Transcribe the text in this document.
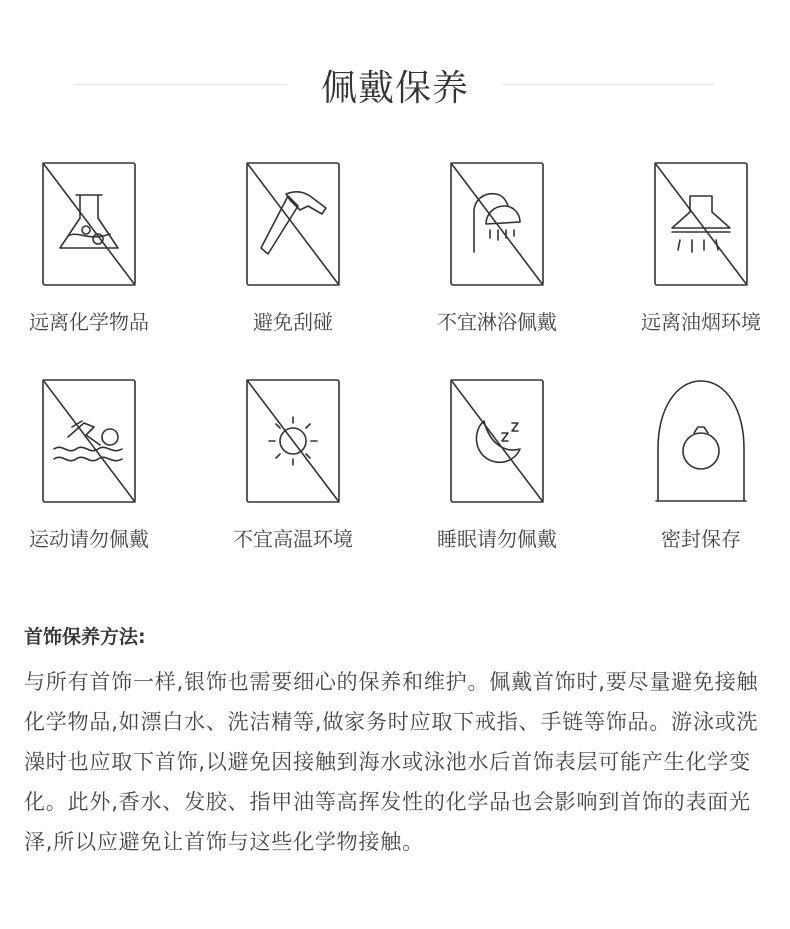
佩戴保养
远离化学物品	避免刮碰	不宜淋浴佩戴	远离油烟环境
运动请勿佩戴	不宜高温环境	睡眠请勿佩戴	密封保存
首饰保养方法:
与所有首饰一样,银饰也需要细心的保养和维护。佩戴首饰时,要尽量避免接触化学物品,如漂白水、洗洁精等,做家务时应取下戒指、手链等饰品。游泳或洗澡时也应取下首饰,以避免因接触到海水或泳池水后首饰表层可能产生化学变化。此外,香水、发胶、指甲油等高挥发性的化学品也会影响到首饰的表面光泽,所以应避免让首饰与这些化学物接触。
